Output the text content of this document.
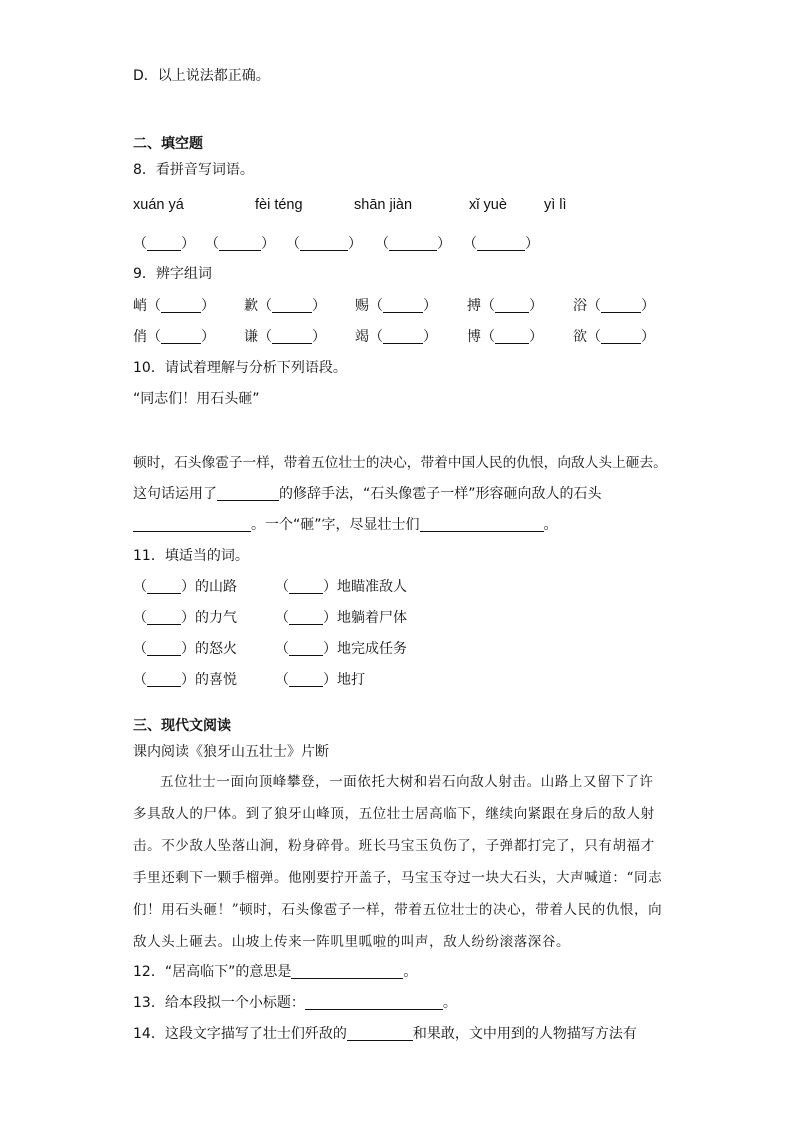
D．以上说法都正确。
二、填空题
8．看拼音写词语。
xuán yá	fèi téng	shān jiàn	xǐ yuè	yì lì
（ ） （	） （	） （	） （	）
9．辨字组词
峭（	） 歉（	） 赐（	） 搏（ ） 浴（	）
俏（	） 谦（	） 竭（	） 博（ ） 欲（	）
10．请试着理解与分析下列语段。
“同志们！用石头砸”
顿时，石头像雹子一样，带着五位壮士的决心，带着中国人民的仇恨，向敌人头上砸去。
这句话运用了	的修辞手法，“石头像雹子一样”形容砸向敌人的石头
。一个“砸”字，尽显壮士们	。
11．填适当的词。
（ ）的山路	（ ）地瞄准敌人
（ ）的力气	（ ）地躺着尸体
（ ）的怒火	（ ）地完成任务
（ ）的喜悦	（ ）地打
三、现代文阅读
课内阅读《狼牙山五壮士》片断
五位壮士一面向顶峰攀登，一面依托大树和岩石向敌人射击。山路上又留下了许多具敌人的尸体。到了狼牙山峰顶，五位壮士居高临下，继续向紧跟在身后的敌人射击。不少敌人坠落山涧，粉身碎骨。班长马宝玉负伤了，子弹都打完了，只有胡福才手里还剩下一颗手榴弹。他刚要拧开盖子，马宝玉夺过一块大石头，大声喊道：“同志们！用石头砸！”顿时，石头像雹子一样，带着五位壮士的决心，带着人民的仇恨，向敌人头上砸去。山坡上传来一阵叽里呱啦的叫声，敌人纷纷滚落深谷。
12．“居高临下”的意思是	。
13．给本段拟一个小标题：	。
14．这段文字描写了壮士们歼敌的	和果敢，文中用到的人物描写方法有
